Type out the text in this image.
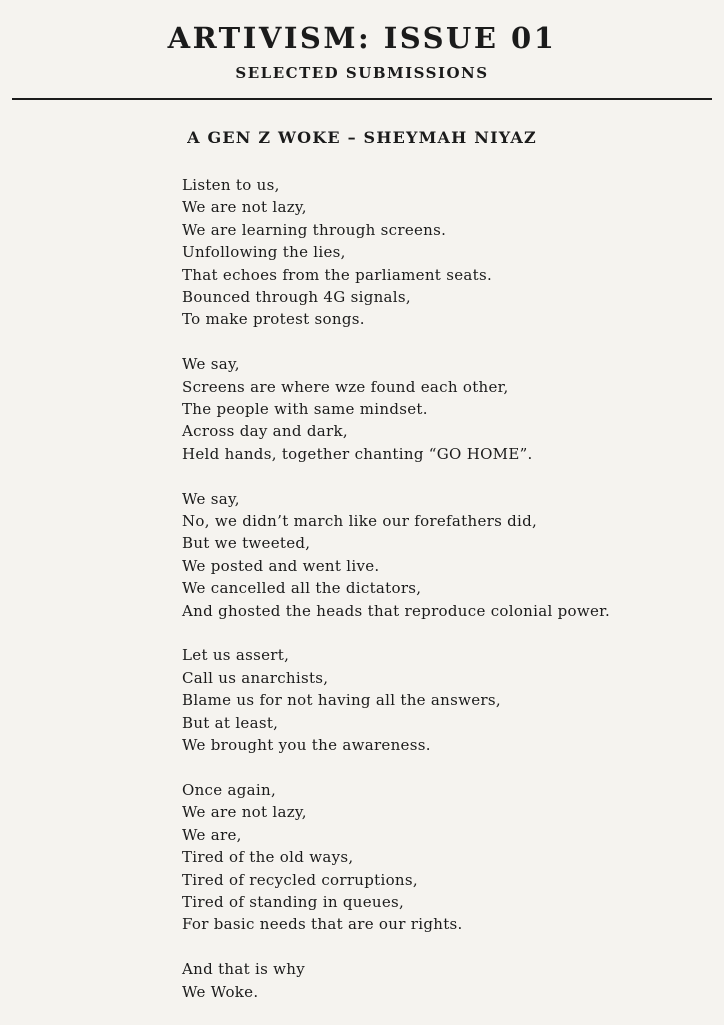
ARTIVISM: ISSUE 01
SELECTED SUBMISSIONS
A GEN Z WOKE – SHEYMAH NIYAZ
Listen to us,
We are not lazy,
We are learning through screens.
Unfollowing the lies,
That echoes from the parliament seats.
Bounced through 4G signals,
To make protest songs.
We say,
Screens are where wze found each other,
The people with same mindset.
Across day and dark,
Held hands, together chanting “GO HOME”.
We say,
No, we didn’t march like our forefathers did,
But we tweeted,
We posted and went live.
We cancelled all the dictators,
And ghosted the heads that reproduce colonial power.
Let us assert,
Call us anarchists,
Blame us for not having all the answers,
But at least,
We brought you the awareness.
Once again,
We are not lazy,
We are,
Tired of the old ways,
Tired of recycled corruptions,
Tired of standing in queues,
For basic needs that are our rights.
And that is why
We Woke.
